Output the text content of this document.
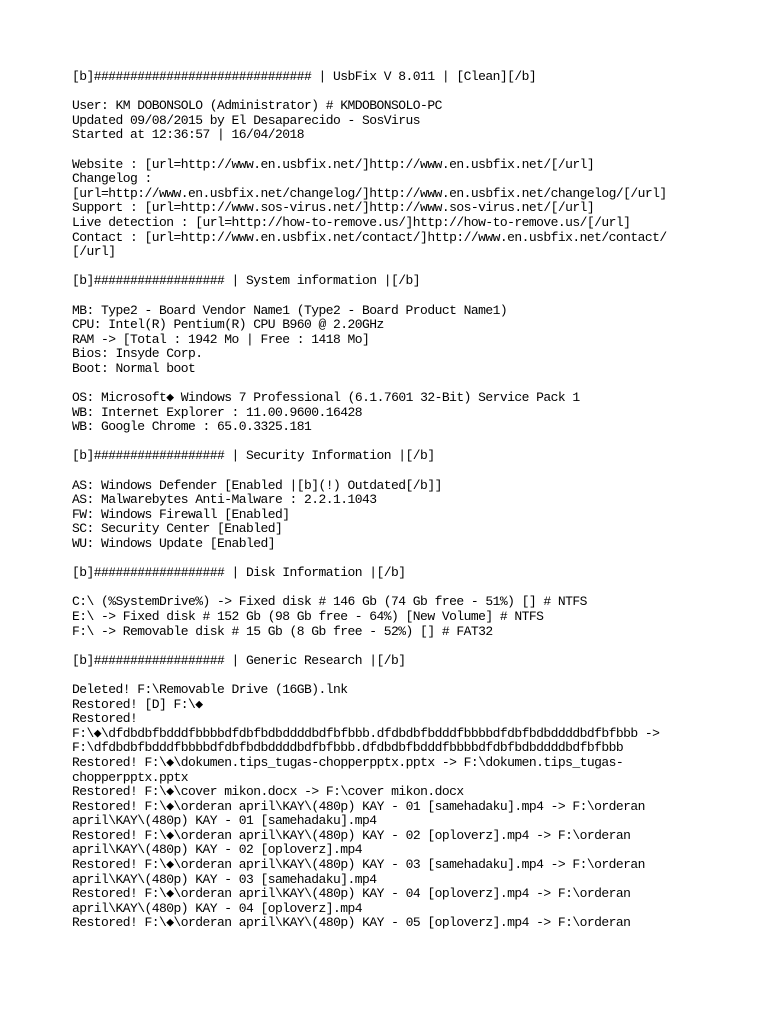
[b]############################## | UsbFix V 8.011 | [Clean][/b]
User: KM DOBONSOLO (Administrator) # KMDOBONSOLO-PC
Updated 09/08/2015 by El Desaparecido - SosVirus
Started at 12:36:57 | 16/04/2018
Website : [url=http://www.en.usbfix.net/]http://www.en.usbfix.net/[/url]
Changelog :
[url=http://www.en.usbfix.net/changelog/]http://www.en.usbfix.net/changelog/[/url]
Support : [url=http://www.sos-virus.net/]http://www.sos-virus.net/[/url]
Live detection : [url=http://how-to-remove.us/]http://how-to-remove.us/[/url]
Contact : [url=http://www.en.usbfix.net/contact/]http://www.en.usbfix.net/contact/
[/url]
[b]################## | System information |[/b]
MB: Type2 - Board Vendor Name1 (Type2 - Board Product Name1)
CPU: Intel(R) Pentium(R) CPU B960 @ 2.20GHz
RAM -> [Total : 1942 Mo | Free : 1418 Mo]
Bios: Insyde Corp.
Boot: Normal boot
OS: Microsoft◆ Windows 7 Professional (6.1.7601 32-Bit) Service Pack 1
WB: Internet Explorer : 11.00.9600.16428
WB: Google Chrome : 65.0.3325.181
[b]################## | Security Information |[/b]
AS: Windows Defender [Enabled |[b](!) Outdated[/b]]
AS: Malwarebytes Anti-Malware : 2.2.1.1043
FW: Windows Firewall [Enabled]
SC: Security Center [Enabled]
WU: Windows Update [Enabled]
[b]################## | Disk Information |[/b]
C:\ (%SystemDrive%) -> Fixed disk # 146 Gb (74 Gb free - 51%) [] # NTFS
E:\ -> Fixed disk # 152 Gb (98 Gb free - 64%) [New Volume] # NTFS
F:\ -> Removable disk # 15 Gb (8 Gb free - 52%) [] # FAT32
[b]################## | Generic Research |[/b]
Deleted! F:\Removable Drive (16GB).lnk
Restored! [D] F:\◆
Restored!
F:\◆\dfdbdbfbdddfbbbbdfdbfbdbddddbdfbfbbb.dfdbdbfbdddfbbbbdfdbfbdbddddbdfbfbbb ->
F:\dfdbdbfbdddfbbbbdfdbfbdbddddbdfbfbbb.dfdbdbfbdddfbbbbdfdbfbdbddddbdfbfbbb
Restored! F:\◆\dokumen.tips_tugas-chopperpptx.pptx -> F:\dokumen.tips_tugas-
chopperpptx.pptx
Restored! F:\◆\cover mikon.docx -> F:\cover mikon.docx
Restored! F:\◆\orderan april\KAY\(480p) KAY - 01 [samehadaku].mp4 -> F:\orderan
april\KAY\(480p) KAY - 01 [samehadaku].mp4
Restored! F:\◆\orderan april\KAY\(480p) KAY - 02 [oploverz].mp4 -> F:\orderan
april\KAY\(480p) KAY - 02 [oploverz].mp4
Restored! F:\◆\orderan april\KAY\(480p) KAY - 03 [samehadaku].mp4 -> F:\orderan
april\KAY\(480p) KAY - 03 [samehadaku].mp4
Restored! F:\◆\orderan april\KAY\(480p) KAY - 04 [oploverz].mp4 -> F:\orderan
april\KAY\(480p) KAY - 04 [oploverz].mp4
Restored! F:\◆\orderan april\KAY\(480p) KAY - 05 [oploverz].mp4 -> F:\orderan
